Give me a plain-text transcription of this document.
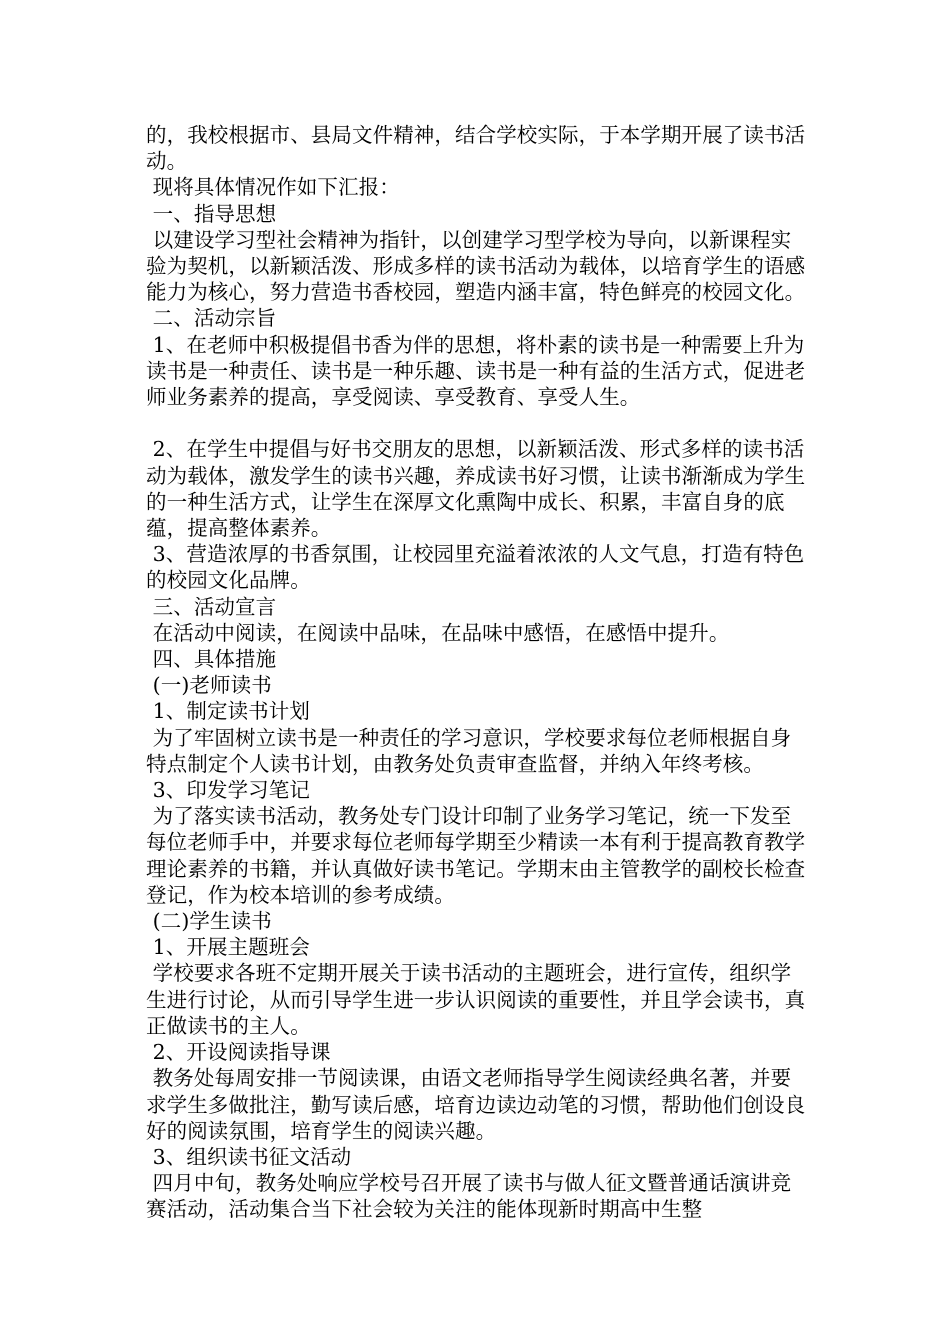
的，我校根据市、县局文件精神，结合学校实际，于本学期开展了读书活动。

现将具体情况作如下汇报：

一、指导思想

以建设学习型社会精神为指针，以创建学习型学校为导向，以新课程实验为契机，以新颖活泼、形成多样的读书活动为载体，以培育学生的语感能力为核心，努力营造书香校园，塑造内涵丰富，特色鲜亮的校园文化。

二、活动宗旨

1、在老师中积极提倡书香为伴的思想，将朴素的读书是一种需要上升为读书是一种责任、读书是一种乐趣、读书是一种有益的生活方式，促进老师业务素养的提高，享受阅读、享受教育、享受人生。

2、在学生中提倡与好书交朋友的思想，以新颖活泼、形式多样的读书活动为载体，激发学生的读书兴趣，养成读书好习惯，让读书渐渐成为学生的一种生活方式，让学生在深厚文化熏陶中成长、积累，丰富自身的底蕴，提高整体素养。

3、营造浓厚的书香氛围，让校园里充溢着浓浓的人文气息，打造有特色的校园文化品牌。

三、活动宣言

在活动中阅读，在阅读中品味，在品味中感悟，在感悟中提升。

四、具体措施

(一)老师读书

1、制定读书计划

为了牢固树立读书是一种责任的学习意识，学校要求每位老师根据自身特点制定个人读书计划，由教务处负责审查监督，并纳入年终考核。

3、印发学习笔记

为了落实读书活动，教务处专门设计印制了业务学习笔记，统一下发至每位老师手中，并要求每位老师每学期至少精读一本有利于提高教育教学理论素养的书籍，并认真做好读书笔记。学期末由主管教学的副校长检查登记，作为校本培训的参考成绩。

(二)学生读书

1、开展主题班会

学校要求各班不定期开展关于读书活动的主题班会，进行宣传，组织学生进行讨论，从而引导学生进一步认识阅读的重要性，并且学会读书，真正做读书的主人。

2、开设阅读指导课

教务处每周安排一节阅读课，由语文老师指导学生阅读经典名著，并要求学生多做批注，勤写读后感，培育边读边动笔的习惯，帮助他们创设良好的阅读氛围，培育学生的阅读兴趣。

3、组织读书征文活动

四月中旬，教务处响应学校号召开展了读书与做人征文暨普通话演讲竞赛活动，活动集合当下社会较为关注的能体现新时期高中生整
